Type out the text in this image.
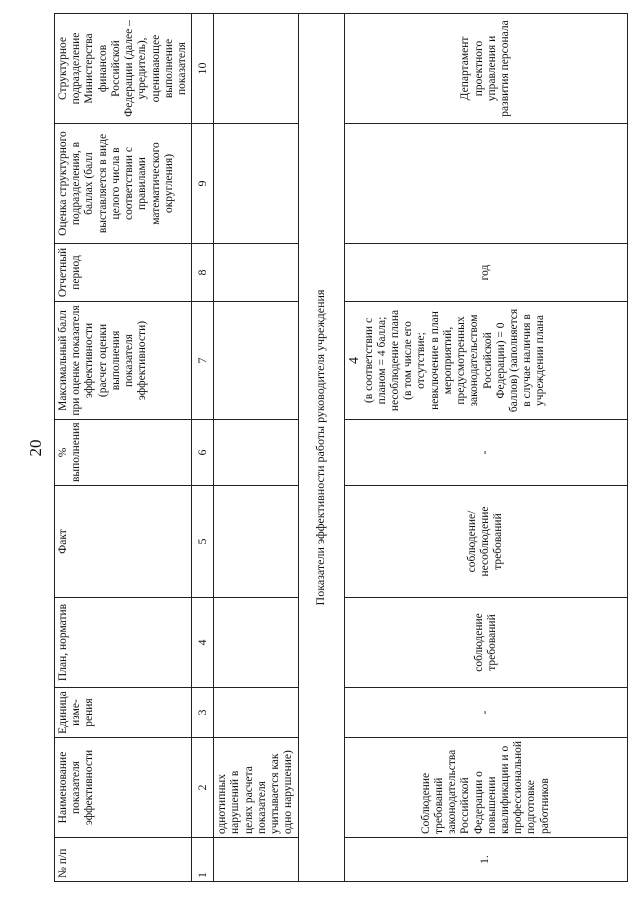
20
№ п/п	Наименование показателя эффективности	Единица изме-рения	План, норматив	Факт	% выполнения	Максимальный балл при оценке показателя эффективности (расчет оценки выполнения показателя эффективности)	Отчетный период	Оценка структурного подразделения, в баллах (балл выставляется в виде целого числа в соответствии с правилами математического округления)	Структурное подразделение Министерства финансов Российской Федерации (далее – учредитель), оценивающее выполнение показателя
1	2	3	4	5	6	7	8	9	10
	однотипных нарушений в целях расчета показателя учитывается как одно нарушение)								
Показатели эффективности работы руководителя учреждения									
1.	Соблюдение требований законодательства Российской Федерации о повышении квалификации и о профессиональной подготовке работников	-	соблюдение требований	соблюдение/ несоблюдение требований	-	4 (в соответствии с планом = 4 балла; несоблюдение плана (в том числе его отсутствие; невключение в план мероприятий, предусмотренных законодательством Российской Федерации) = 0 баллов) (заполняется в случае наличия в учреждении плана	год		Департамент проектного управления и развития персонала
